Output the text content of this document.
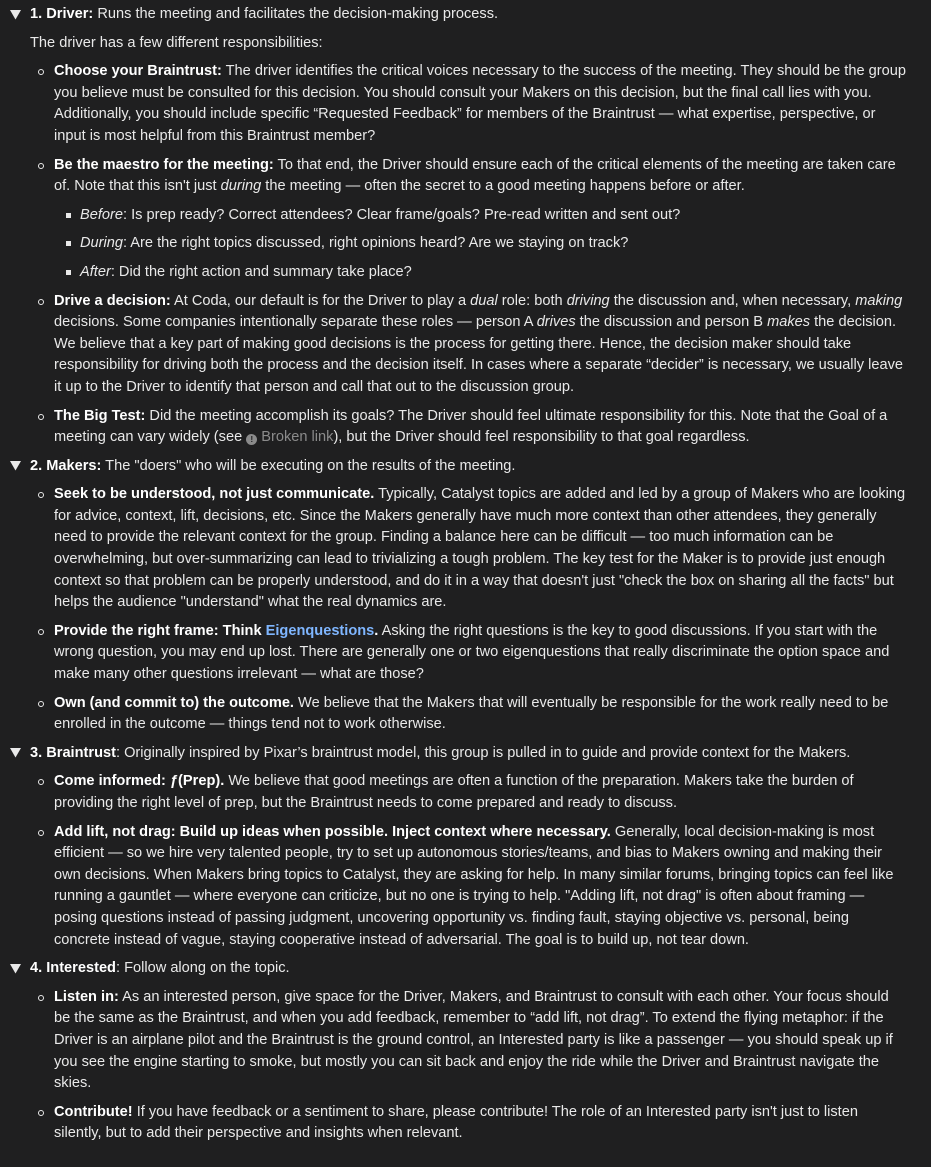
1. Driver: Runs the meeting and facilitates the decision-making process.
The driver has a few different responsibilities:
Choose your Braintrust: The driver identifies the critical voices necessary to the success of the meeting. They should be the group you believe must be consulted for this decision. You should consult your Makers on this decision, but the final call lies with you. Additionally, you should include specific “Requested Feedback” for members of the Braintrust — what expertise, perspective, or input is most helpful from this Braintrust member?
Be the maestro for the meeting: To that end, the Driver should ensure each of the critical elements of the meeting are taken care of. Note that this isn't just during the meeting — often the secret to a good meeting happens before or after.
Before: Is prep ready? Correct attendees? Clear frame/goals? Pre-read written and sent out?
During: Are the right topics discussed, right opinions heard? Are we staying on track?
After: Did the right action and summary take place?
Drive a decision: At Coda, our default is for the Driver to play a dual role: both driving the discussion and, when necessary, making decisions. Some companies intentionally separate these roles — person A drives the discussion and person B makes the decision. We believe that a key part of making good decisions is the process for getting there. Hence, the decision maker should take responsibility for driving both the process and the decision itself. In cases where a separate “decider” is necessary, we usually leave it up to the Driver to identify that person and call that out to the discussion group.
The Big Test: Did the meeting accomplish its goals? The Driver should feel ultimate responsibility for this. Note that the Goal of a meeting can vary widely (see ! Broken link), but the Driver should feel responsibility to that goal regardless.
2. Makers: The "doers" who will be executing on the results of the meeting.
Seek to be understood, not just communicate. Typically, Catalyst topics are added and led by a group of Makers who are looking for advice, context, lift, decisions, etc. Since the Makers generally have much more context than other attendees, they generally need to provide the relevant context for the group. Finding a balance here can be difficult — too much information can be overwhelming, but over-summarizing can lead to trivializing a tough problem. The key test for the Maker is to provide just enough context so that problem can be properly understood, and do it in a way that doesn't just "check the box on sharing all the facts" but helps the audience "understand" what the real dynamics are.
Provide the right frame: Think Eigenquestions. Asking the right questions is the key to good discussions. If you start with the wrong question, you may end up lost. There are generally one or two eigenquestions that really discriminate the option space and make many other questions irrelevant — what are those?
Own (and commit to) the outcome. We believe that the Makers that will eventually be responsible for the work really need to be enrolled in the outcome — things tend not to work otherwise.
3. Braintrust: Originally inspired by Pixar’s braintrust model, this group is pulled in to guide and provide context for the Makers.
Come informed: ƒ(Prep). We believe that good meetings are often a function of the preparation. Makers take the burden of providing the right level of prep, but the Braintrust needs to come prepared and ready to discuss.
Add lift, not drag: Build up ideas when possible. Inject context where necessary. Generally, local decision-making is most efficient — so we hire very talented people, try to set up autonomous stories/teams, and bias to Makers owning and making their own decisions. When Makers bring topics to Catalyst, they are asking for help. In many similar forums, bringing topics can feel like running a gauntlet — where everyone can criticize, but no one is trying to help. "Adding lift, not drag" is often about framing — posing questions instead of passing judgment, uncovering opportunity vs. finding fault, staying objective vs. personal, being concrete instead of vague, staying cooperative instead of adversarial. The goal is to build up, not tear down.
4. Interested: Follow along on the topic.
Listen in: As an interested person, give space for the Driver, Makers, and Braintrust to consult with each other. Your focus should be the same as the Braintrust, and when you add feedback, remember to “add lift, not drag”. To extend the flying metaphor: if the Driver is an airplane pilot and the Braintrust is the ground control, an Interested party is like a passenger — you should speak up if you see the engine starting to smoke, but mostly you can sit back and enjoy the ride while the Driver and Braintrust navigate the skies.
Contribute! If you have feedback or a sentiment to share, please contribute! The role of an Interested party isn't just to listen silently, but to add their perspective and insights when relevant.
